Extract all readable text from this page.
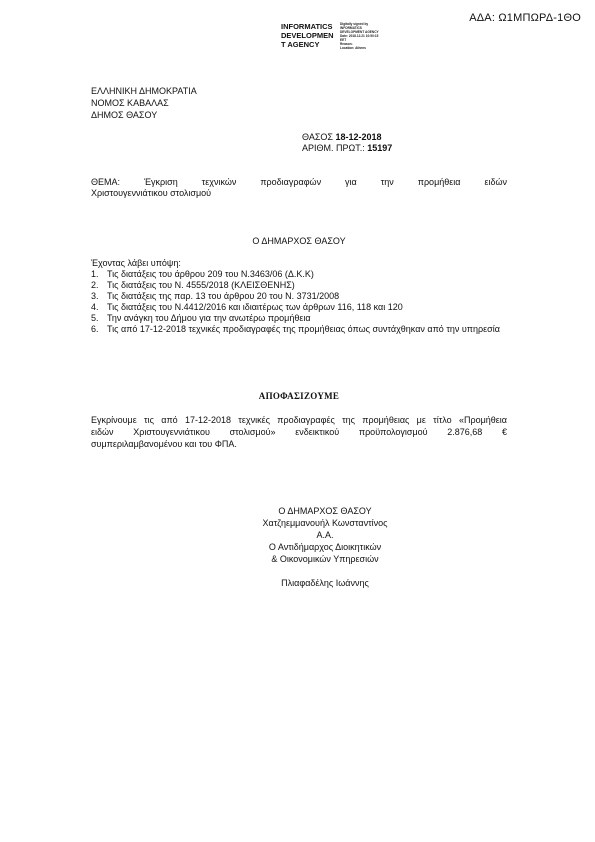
ΑΔΑ: Ω1ΜΠΩΡΔ-1ΘΟ
INFORMATICS
DEVELOPMEN
T AGENCY
Digitally signed by
INFORMATICS
DEVELOPMENT AGENCY
Date: 2018.12.21 10:50:15
EET
Reason:
Location: Athens
ΕΛΛΗΝΙΚΗ ΔΗΜΟΚΡΑΤΙΑ
ΝΟΜΟΣ ΚΑΒΑΛΑΣ
ΔΗΜΟΣ ΘΑΣΟΥ
ΘΑΣΟΣ 18-12-2018
ΑΡΙΘΜ. ΠΡΩΤ.: 15197
ΘΕΜΑ: Έγκριση τεχνικών προδιαγραφών για την προμήθεια ειδών
Χριστουγεννιάτικου στολισμού
Ο ΔΗΜΑΡΧΟΣ ΘΑΣΟΥ
Έχοντας λάβει υπόψη:
1. Τις διατάξεις του άρθρου 209 του Ν.3463/06 (Δ.Κ.Κ)
2. Τις διατάξεις του Ν. 4555/2018 (ΚΛΕΙΣΘΕΝΗΣ)
3. Τις διατάξεις της παρ. 13 του άρθρου 20 του Ν. 3731/2008
4. Τις διατάξεις του Ν.4412/2016 και ιδιαιτέρως των άρθρων 116, 118 και 120
5. Την ανάγκη του Δήμου για την ανωτέρω προμήθεια
6. Τις από 17-12-2018 τεχνικές προδιαγραφές της προμήθειας όπως συντάχθηκαν από την υπηρεσία
ΑΠΟΦΑΣΙΖΟΥΜΕ
Εγκρίνουμε τις από 17-12-2018 τεχνικές προδιαγραφές της προμήθειας με τίτλο «Προμήθεια
ειδών Χριστουγεννιάτικου στολισμού» ενδεικτικού προϋπολογισμού 2.876,68 €
συμπεριλαμβανομένου και του ΦΠΑ.
Ο ΔΗΜΑΡΧΟΣ ΘΑΣΟΥ
Χατζηεμμανουήλ Κωνσταντίνος
Α.Α.
Ο Αντιδήμαρχος Διοικητικών
& Οικονομικών Υπηρεσιών
Πλιαφαδέλης Ιωάννης
